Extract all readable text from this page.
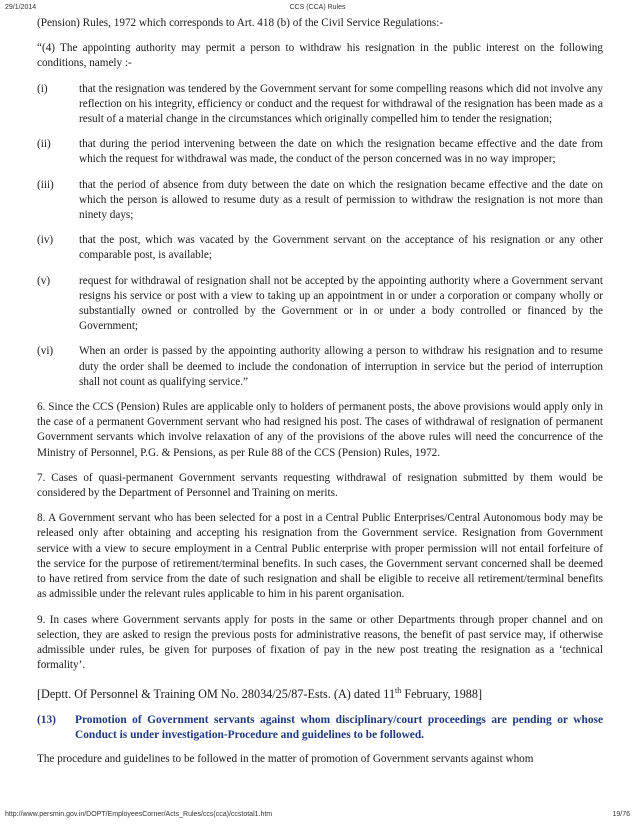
29/1/2014	CCS (CCA) Rules

(Pension) Rules, 1972 which corresponds to Art. 418 (b) of the Civil Service Regulations:-

“(4) The appointing authority may permit a person to withdraw his resignation in the public interest on the following conditions, namely :-

(i)	that the resignation was tendered by the Government servant for some compelling reasons which did not involve any reflection on his integrity, efficiency or conduct and the request for withdrawal of the resignation has been made as a result of a material change in the circumstances which originally compelled him to tender the resignation;
(ii)	that during the period intervening between the date on which the resignation became effective and the date from which the request for withdrawal was made, the conduct of the person concerned was in no way improper;
(iii)	that the period of absence from duty between the date on which the resignation became effective and the date on which the person is allowed to resume duty as a result of permission to withdraw the resignation is not more than ninety days;
(iv)	that the post, which was vacated by the Government servant on the acceptance of his resignation or any other comparable post, is available;
(v)	request for withdrawal of resignation shall not be accepted by the appointing authority where a Government servant resigns his service or post with a view to taking up an appointment in or under a corporation or company wholly or substantially owned or controlled by the Government or in or under a body controlled or financed by the Government;
(vi)	When an order is passed by the appointing authority allowing a person to withdraw his resignation and to resume duty the order shall be deemed to include the condonation of interruption in service but the period of interruption shall not count as qualifying service.”

6. Since the CCS (Pension) Rules are applicable only to holders of permanent posts, the above provisions would apply only in the case of a permanent Government servant who had resigned his post. The cases of withdrawal of resignation of permanent Government servants which involve relaxation of any of the provisions of the above rules will need the concurrence of the Ministry of Personnel, P.G. & Pensions, as per Rule 88 of the CCS (Pension) Rules, 1972.

7. Cases of quasi-permanent Government servants requesting withdrawal of resignation submitted by them would be considered by the Department of Personnel and Training on merits.

8. A Government servant who has been selected for a post in a Central Public Enterprises/Central Autonomous body may be released only after obtaining and accepting his resignation from the Government service. Resignation from Government service with a view to secure employment in a Central Public enterprise with proper permission will not entail forfeiture of the service for the purpose of retirement/terminal benefits. In such cases, the Government servant concerned shall be deemed to have retired from service from the date of such resignation and shall be eligible to receive all retirement/terminal benefits as admissible under the relevant rules applicable to him in his parent organisation.

9. In cases where Government servants apply for posts in the same or other Departments through proper channel and on selection, they are asked to resign the previous posts for administrative reasons, the benefit of past service may, if otherwise admissible under rules, be given for purposes of fixation of pay in the new post treating the resignation as a ‘technical formality’.

[Deptt. Of Personnel & Training OM No. 28034/25/87-Ests. (A) dated 11th February, 1988]

(13)	Promotion of Government servants against whom disciplinary/court proceedings are pending or whose Conduct is under investigation-Procedure and guidelines to be followed.

The procedure and guidelines to be followed in the matter of promotion of Government servants against whom

http://www.persmin.gov.in/DOPT/EmployeesCorner/Acts_Rules/ccs(cca)/ccstotal1.htm	19/76
